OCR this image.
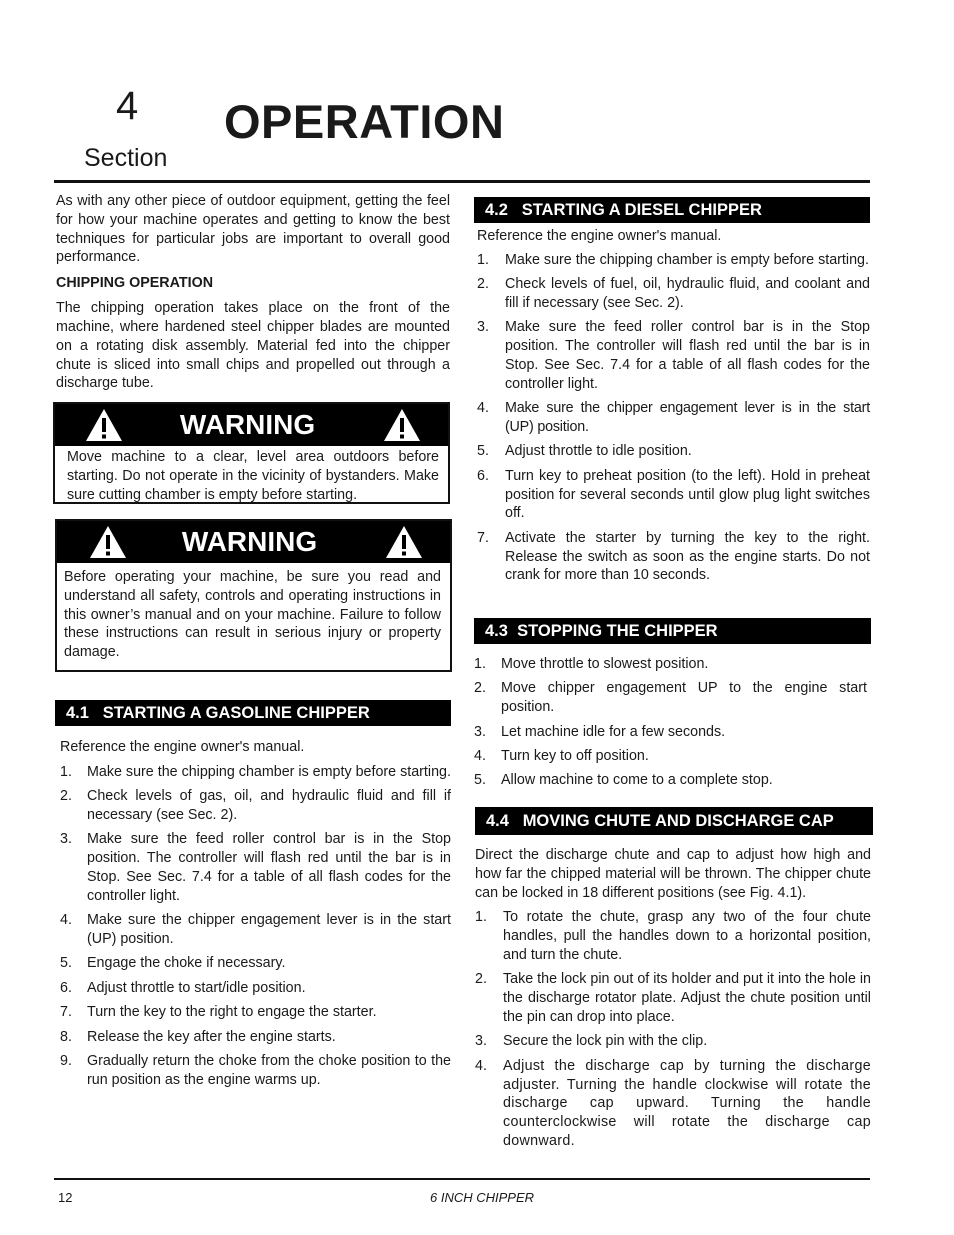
4
Section
OPERATION

As with any other piece of outdoor equipment, getting the feel for how your machine operates and getting to know the best techniques for particular jobs are important to overall good performance.

CHIPPING OPERATION

The chipping operation takes place on the front of the machine, where hardened steel chipper blades are mounted on a rotating disk assembly. Material fed into the chipper chute is sliced into small chips and propelled out through a discharge tube.

WARNING
Move machine to a clear, level area outdoors before starting. Do not operate in the vicinity of bystanders. Make sure cutting chamber is empty before starting.
WARNING
Before operating your machine, be sure you read and understand all safety, controls and operating instructions in this owner’s manual and on your machine. Failure to follow these instructions can result in serious injury or property damage.
4.1   STARTING A GASOLINE CHIPPER

Reference the engine owner's manual.

1.	Make sure the chipping chamber is empty before starting.
2.	Check levels of gas, oil, and hydraulic fluid and fill if necessary (see Sec. 2).
3.	Make sure the feed roller control bar is in the Stop position. The controller will flash red until the bar is in Stop. See Sec. 7.4 for a table of all flash codes for the controller light.
4.	Make sure the chipper engagement lever is in the start (UP) position.
5.	Engage the choke if necessary.
6.	Adjust throttle to start/idle position.
7.	Turn the key to the right to engage the starter.
8.	Release the key after the engine starts.
9.	Gradually return the choke from the choke position to the run position as the engine warms up.
4.2   STARTING A DIESEL CHIPPER

Reference the engine owner's manual.

1.	Make sure the chipping chamber is empty before starting.
2.	Check levels of fuel, oil, hydraulic fluid, and coolant and fill if necessary (see Sec. 2).
3.	Make sure the feed roller control bar is in the Stop position. The controller will flash red until the bar is in Stop. See Sec. 7.4 for a table of all flash codes for the controller light.
4.	Make sure the chipper engagement lever is in the start (UP) position.
5.	Adjust throttle to idle position.
6.	Turn key to preheat position (to the left). Hold in preheat position for several seconds until glow plug light switches off.
7.	Activate the starter by turning the key to the right. Release the switch as soon as the engine starts. Do not crank for more than 10 seconds.
4.3  STOPPING THE CHIPPER
1.	Move throttle to slowest position.
2.	Move chipper engagement UP to the engine start position.
3.	Let machine idle for a few seconds.
4.	Turn key to off position.
5.	Allow machine to come to a complete stop.
4.4   MOVING CHUTE AND DISCHARGE CAP

Direct the discharge chute and cap to adjust how high and how far the chipped material will be thrown. The chipper chute can be locked in 18 different positions (see Fig. 4.1).

1.	To rotate the chute, grasp any two of the four chute handles, pull the handles down to a horizontal position, and turn the chute.
2.	Take the lock pin out of its holder and put it into the hole in the discharge rotator plate. Adjust the chute position until the pin can drop into place.
3.	Secure the lock pin with the clip.
4.	Adjust the discharge cap by turning the discharge adjuster. Turning the handle clockwise will rotate the discharge cap upward. Turning the handle counterclockwise will rotate the discharge cap downward.
12	6 INCH CHIPPER
